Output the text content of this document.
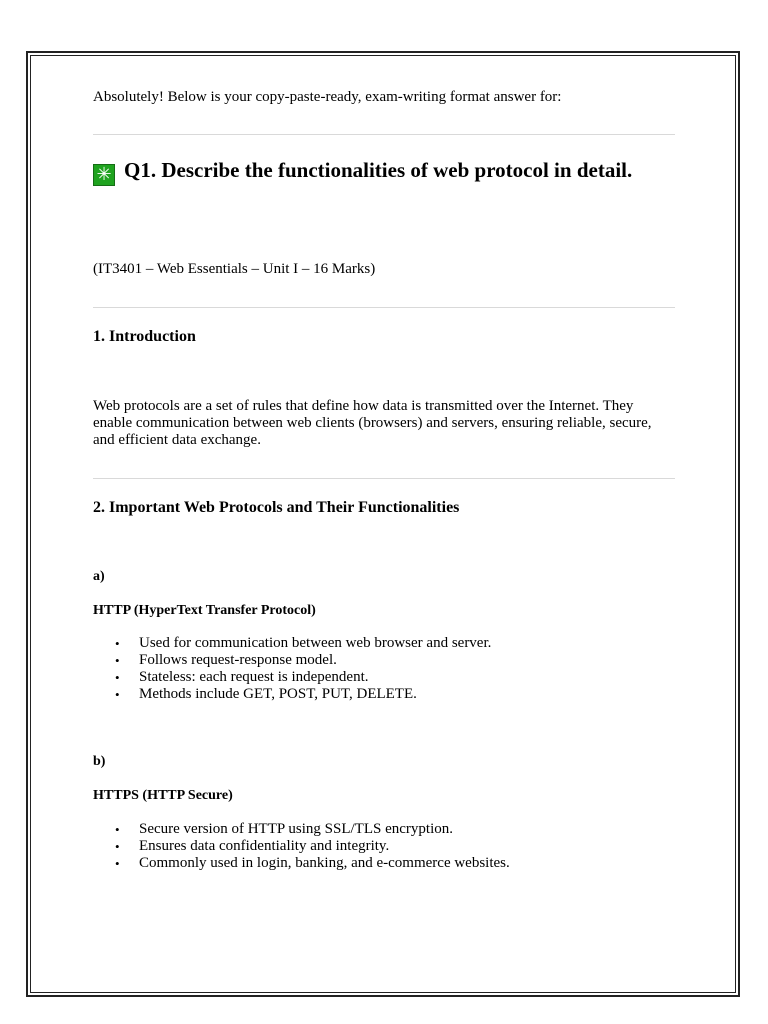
Absolutely! Below is your copy-paste-ready, exam-writing format answer for:

✳ Q1. Describe the functionalities of web protocol in detail.

(IT3401 – Web Essentials – Unit I – 16 Marks)

1. Introduction

Web protocols are a set of rules that define how data is transmitted over the Internet. They enable communication between web clients (browsers) and servers, ensuring reliable, secure, and efficient data exchange.

2. Important Web Protocols and Their Functionalities

a)

HTTP (HyperText Transfer Protocol)

• Used for communication between web browser and server.
• Follows request-response model.
• Stateless: each request is independent.
• Methods include GET, POST, PUT, DELETE.

b)

HTTPS (HTTP Secure)

• Secure version of HTTP using SSL/TLS encryption.
• Ensures data confidentiality and integrity.
• Commonly used in login, banking, and e-commerce websites.
